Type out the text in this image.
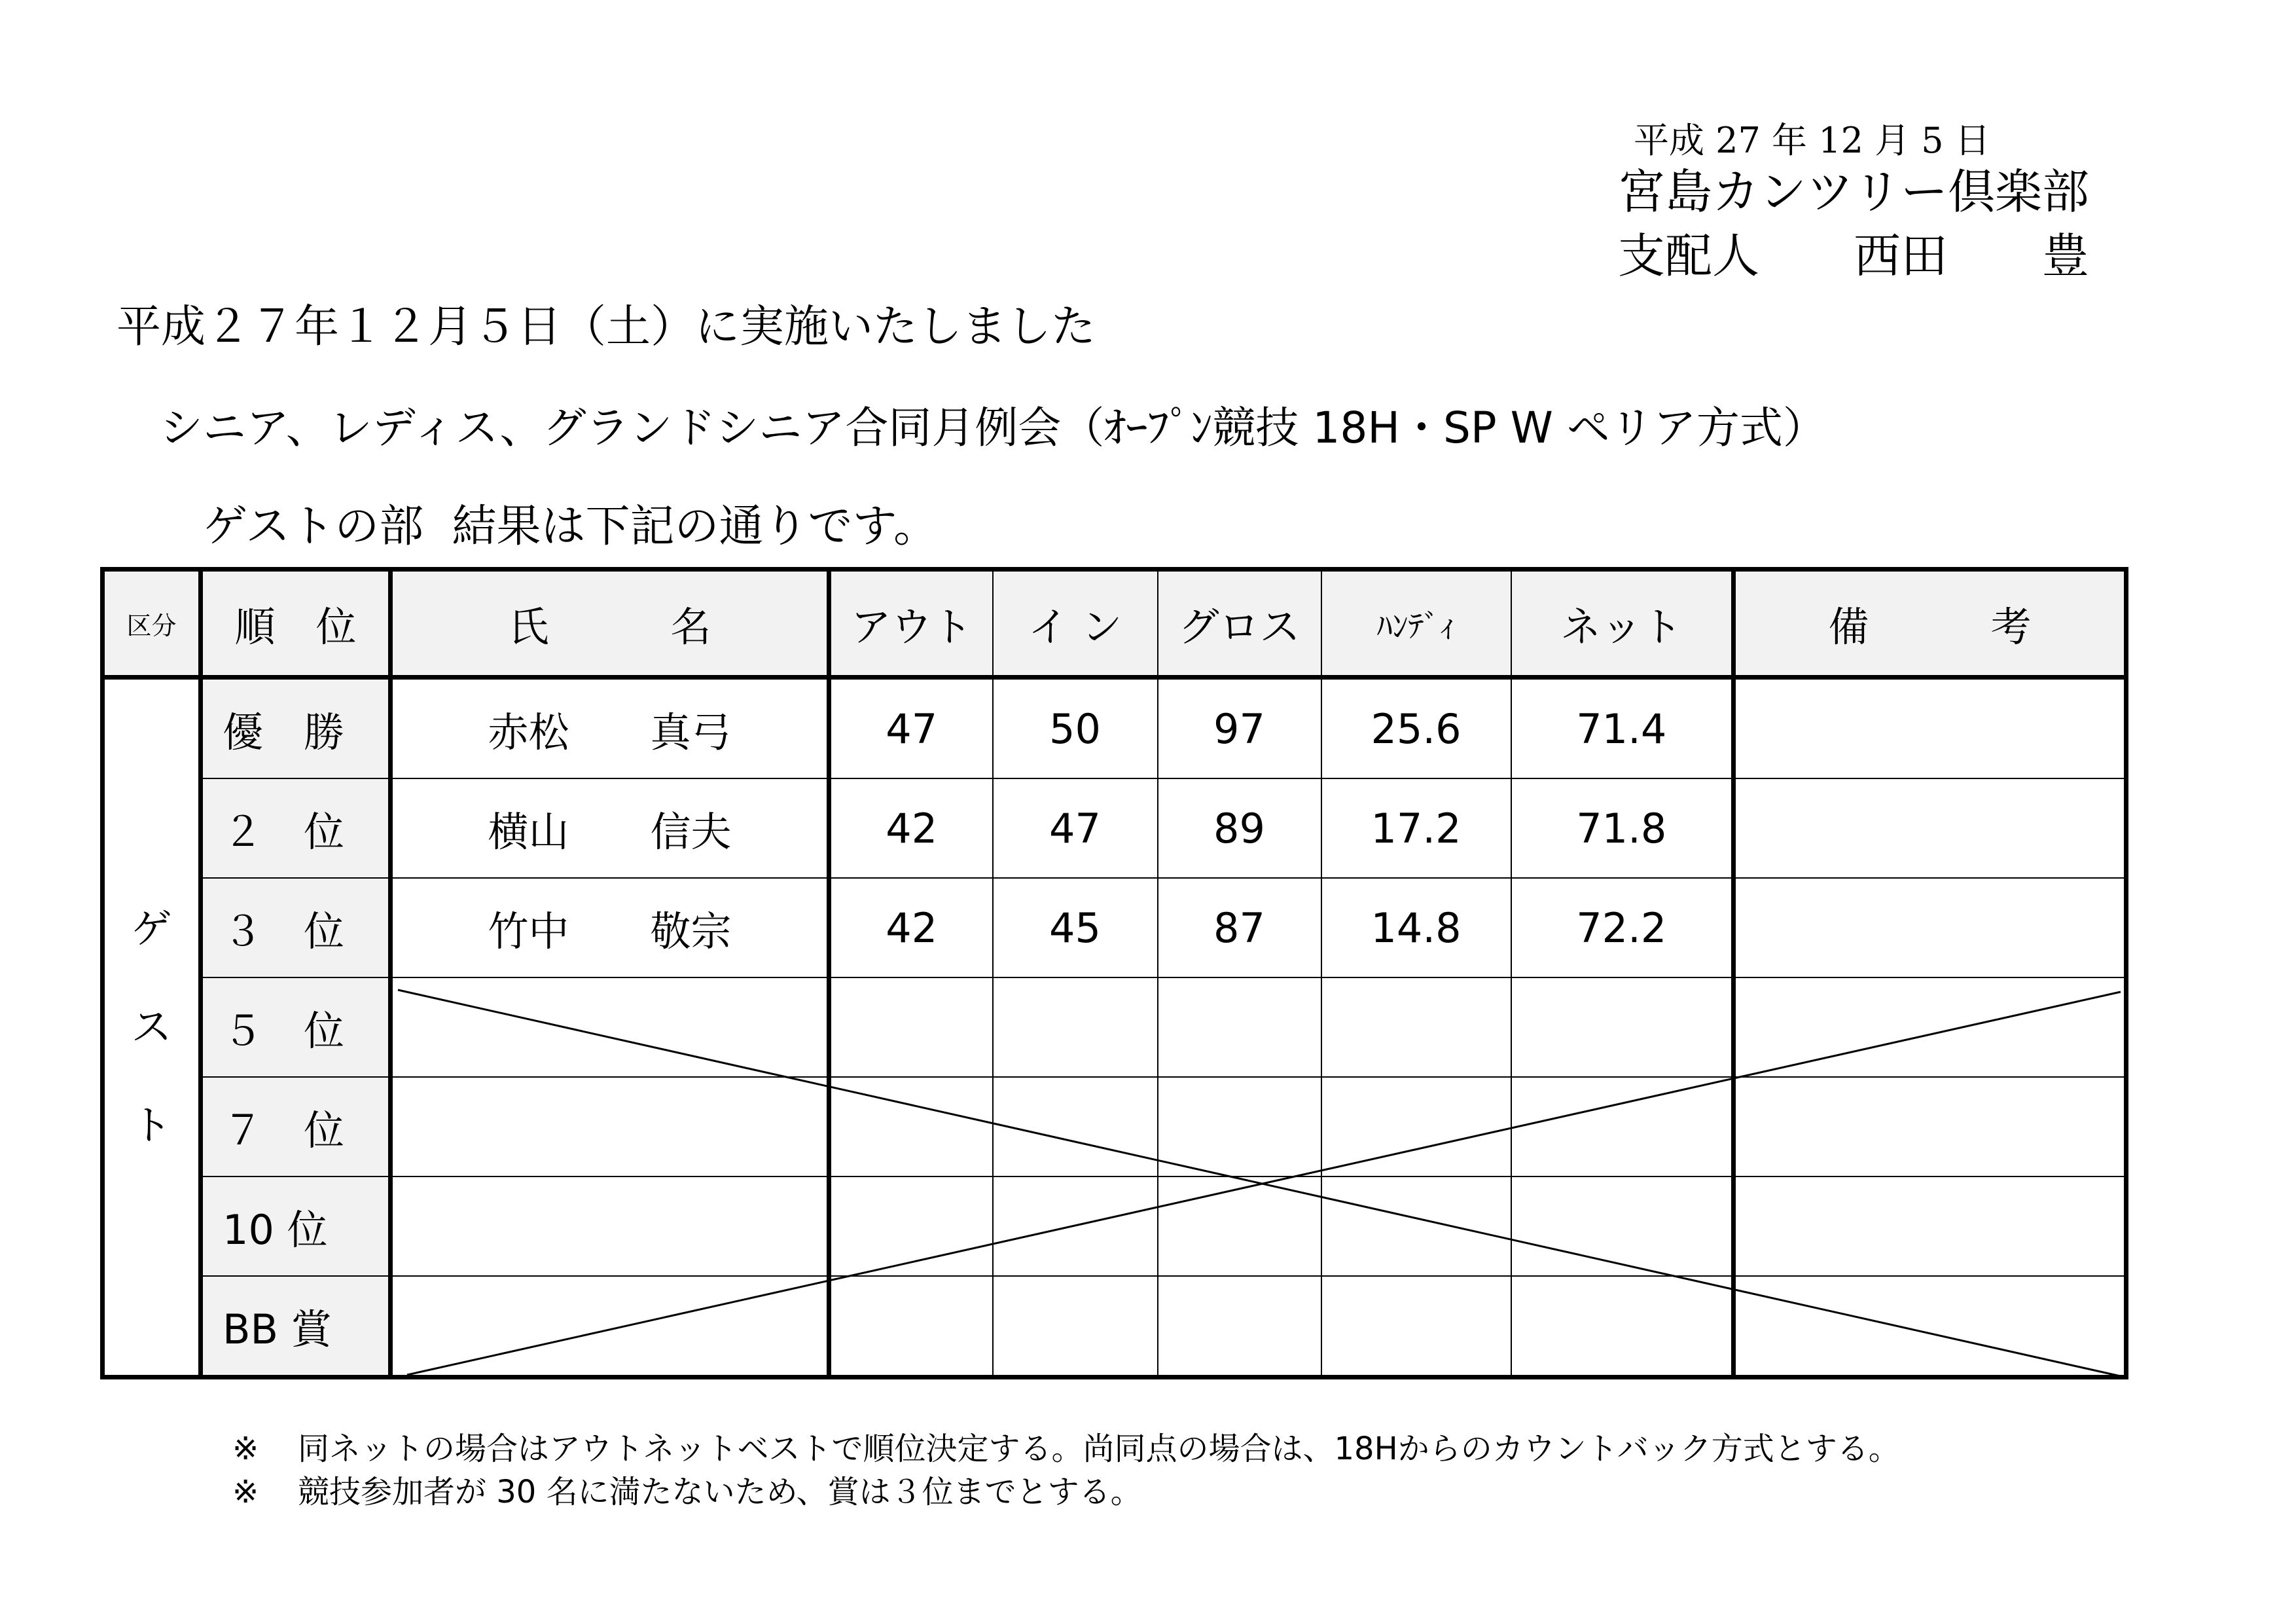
平成 27 年 12 月 5 日
宮島カンツリー倶楽部
支配人　　西田　　豊
平成２７年１２月５日（土）に実施いたしました
シニア、レディス、グランドシニア合同月例会（ｵｰﾌﾟﾝ競技 18H・SP W ペリア方式）
ゲストの部  結果は下記の通りです。
区分	順　位	氏　　　名	アウト	イ ン	グロス	ﾊﾝﾃﾞｨ	ネット	備　　　考
ゲスト	優　勝	赤松　　真弓	47	50	97	25.6	71.4	
	２　位	横山　　信夫	42	47	89	17.2	71.8	
	３　位	竹中　　敬宗	42	45	87	14.8	72.2	
	５　位							
	７　位							
	10 位							
	BB 賞							
※ 同ネットの場合はアウトネットベストで順位決定する。尚同点の場合は、18Hからのカウントバック方式とする。
※ 競技参加者が 30 名に満たないため、賞は３位までとする。
